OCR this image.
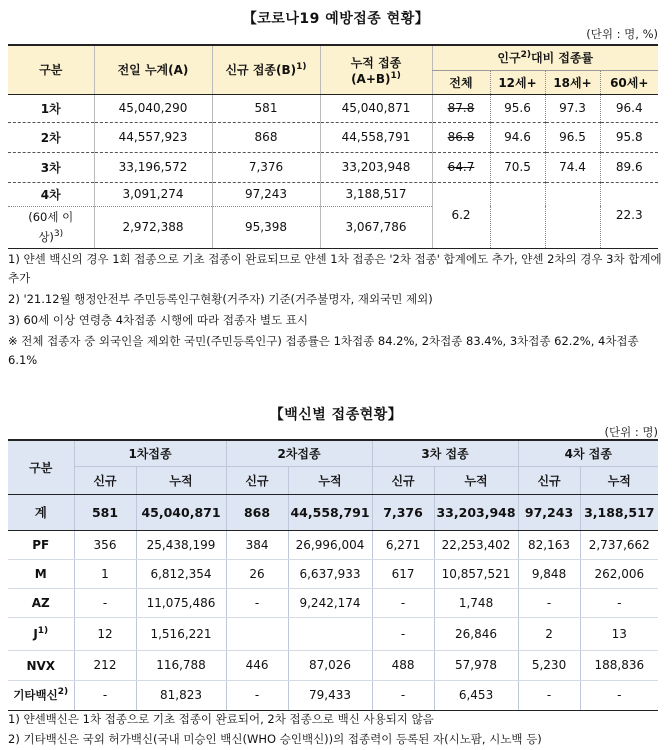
【코로나19 예방접종 현황】
(단위 : 명, %)
구분	전일 누계(A)	신규 접종$(B)^{1)}$	누적 접종
$(A+B)^{1)}$	인구$^{2)}$대비 접종률			
				전체	12세+	18세+	60세+
1차	45,040,290	581	45,040,871	87.8	95.6	97.3	96.4
2차	44,557,923	868	44,558,791	86.8	94.6	96.5	95.8
3차	33,196,572	7,376	33,203,948	64.7	70.5	74.4	89.6
4차	3,091,274	97,243	3,188,517	6.2			22.3
(60세 이
상)$^{3)}$	2,972,388	95,398	3,067,786				
1) 얀센 백신의 경우 1회 접종으로 기초 접종이 완료되므로 얀센 1차 접종은 '2차 접종' 합계에도 추가, 얀센 2차의 경우 3차 합계에 추가
2) '21.12월 행정안전부 주민등록인구현황(거주자) 기준(거주불명자, 재외국민 제외)
3) 60세 이상 연령층 4차접종 시행에 따라 접종자 별도 표시
※ 전체 접종자 중 외국인을 제외한 국민(주민등록인구) 접종률은 1차접종 84.2%, 2차접종 83.4%, 3차접종 62.2%, 4차접종 6.1%
【백신별 접종현황】
(단위 : 명)
구분	1차접종		2차접종		3차 접종		4차 접종	
	신규	누적	신규	누적	신규	누적	신규	누적
계	581	45,040,871	868	44,558,791	7,376	33,203,948	97,243	3,188,517
PF	356	25,438,199	384	26,996,004	6,271	22,253,402	82,163	2,737,662
M	1	6,812,354	26	6,637,933	617	10,857,521	9,848	262,006
AZ	-	11,075,486	-	9,242,174	-	1,748	-	-
$J^{1)}$	12	1,516,221			-	26,846	2	13
NVX	212	116,788	446	87,026	488	57,978	5,230	188,836
기타백신$^{2)}$	-	81,823	-	79,433	-	6,453	-	-
1) 얀센백신은 1차 접종으로 기초 접종이 완료되어, 2차 접종으로 백신 사용되지 않음
2) 기타백신은 국외 허가백신(국내 미승인 백신(WHO 승인백신))의 접종력이 등록된 자(시노팜, 시노백 등)
